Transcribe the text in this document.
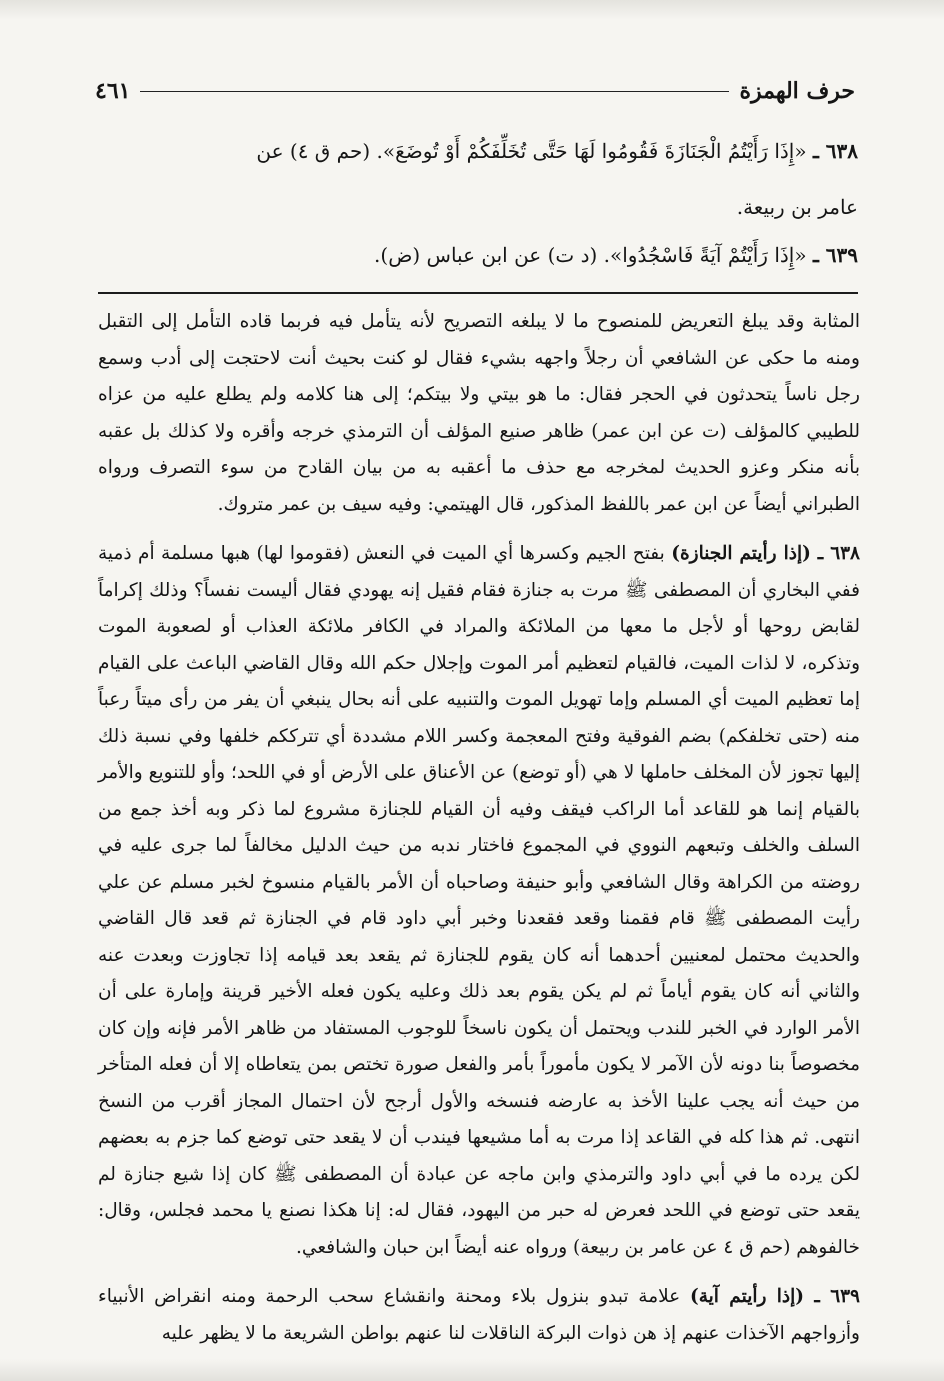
٤٦١	حرف الهمزة
٦٣٨ ـ «إِذَا رَأَيْتُمُ الْجَنَازَةَ فَقُومُوا لَهَا حَتَّى تُخَلِّفَكُمْ أَوْ تُوضَعَ». (حم ق ٤) عن
عامر بن ربيعة.
٦٣٩ ـ «إِذَا رَأَيْتُمْ آيَةً فَاسْجُدُوا». (د ت) عن ابن عباس (ض).

المثابة وقد يبلغ التعريض للمنصوح ما لا يبلغه التصريح لأنه يتأمل فيه فربما قاده التأمل إلى التقبل ومنه ما حكى عن الشافعي أن رجلاً واجهه بشيء فقال لو كنت بحيث أنت لاحتجت إلى أدب وسمع رجل ناساً يتحدثون في الحجر فقال: ما هو بيتي ولا بيتكم؛ إلى هنا كلامه ولم يطلع عليه من عزاه للطيبي كالمؤلف (ت عن ابن عمر) ظاهر صنيع المؤلف أن الترمذي خرجه وأقره ولا كذلك بل عقبه بأنه منكر وعزو الحديث لمخرجه مع حذف ما أعقبه به من بيان القادح من سوء التصرف ورواه الطبراني أيضاً عن ابن عمر باللفظ المذكور، قال الهيتمي: وفيه سيف بن عمر متروك.

٦٣٨ ـ (إذا رأيتم الجنازة) بفتح الجيم وكسرها أي الميت في النعش (فقوموا لها) هبها مسلمة أم ذمية ففي البخاري أن المصطفى ﷺ مرت به جنازة فقام فقيل إنه يهودي فقال أليست نفساً؟ وذلك إكراماً لقابض روحها أو لأجل ما معها من الملائكة والمراد في الكافر ملائكة العذاب أو لصعوبة الموت وتذكره، لا لذات الميت، فالقيام لتعظيم أمر الموت وإجلال حكم الله وقال القاضي الباعث على القيام إما تعظيم الميت أي المسلم وإما تهويل الموت والتنبيه على أنه بحال ينبغي أن يفر من رأى ميتاً رعباً منه (حتى تخلفكم) بضم الفوقية وفتح المعجمة وكسر اللام مشددة أي تترككم خلفها وفي نسبة ذلك إليها تجوز لأن المخلف حاملها لا هي (أو توضع) عن الأعناق على الأرض أو في اللحد؛ وأو للتنويع والأمر بالقيام إنما هو للقاعد أما الراكب فيقف وفيه أن القيام للجنازة مشروع لما ذكر وبه أخذ جمع من السلف والخلف وتبعهم النووي في المجموع فاختار ندبه من حيث الدليل مخالفاً لما جرى عليه في روضته من الكراهة وقال الشافعي وأبو حنيفة وصاحباه أن الأمر بالقيام منسوخ لخبر مسلم عن علي رأيت المصطفى ﷺ قام فقمنا وقعد فقعدنا وخبر أبي داود قام في الجنازة ثم قعد قال القاضي والحديث محتمل لمعنيين أحدهما أنه كان يقوم للجنازة ثم يقعد بعد قيامه إذا تجاوزت وبعدت عنه والثاني أنه كان يقوم أياماً ثم لم يكن يقوم بعد ذلك وعليه يكون فعله الأخير قرينة وإمارة على أن الأمر الوارد في الخبر للندب ويحتمل أن يكون ناسخاً للوجوب المستفاد من ظاهر الأمر فإنه وإن كان مخصوصاً بنا دونه لأن الآمر لا يكون مأموراً بأمر والفعل صورة تختص بمن يتعاطاه إلا أن فعله المتأخر من حيث أنه يجب علينا الأخذ به عارضه فنسخه والأول أرجح لأن احتمال المجاز أقرب من النسخ انتهى. ثم هذا كله في القاعد إذا مرت به أما مشيعها فيندب أن لا يقعد حتى توضع كما جزم به بعضهم لكن يرده ما في أبي داود والترمذي وابن ماجه عن عبادة أن المصطفى ﷺ كان إذا شيع جنازة لم يقعد حتى توضع في اللحد فعرض له حبر من اليهود، فقال له: إنا هكذا نصنع يا محمد فجلس، وقال: خالفوهم (حم ق ٤ عن عامر بن ربيعة) ورواه عنه أيضاً ابن حبان والشافعي.

٦٣٩ ـ (إذا رأيتم آية) علامة تبدو بنزول بلاء ومحنة وانقشاع سحب الرحمة ومنه انقراض الأنبياء وأزواجهم الآخذات عنهم إذ هن ذوات البركة الناقلات لنا عنهم بواطن الشريعة ما لا يظهر عليه
